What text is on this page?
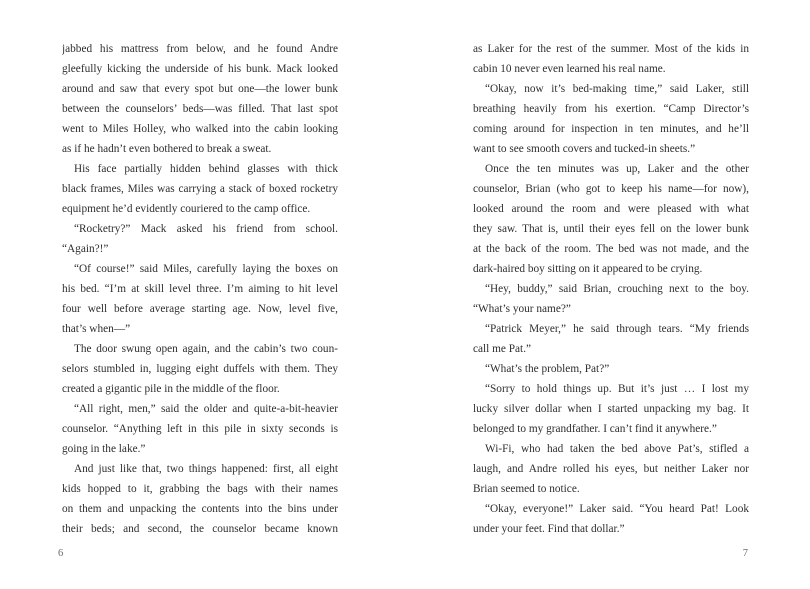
jabbed his mattress from below, and he found Andre
gleefully kicking the underside of his bunk. Mack looked
around and saw that every spot but one—the lower bunk
between the counselors’ beds—was filled. That last spot
went to Miles Holley, who walked into the cabin looking
as if he hadn’t even bothered to break a sweat.
His face partially hidden behind glasses with thick
black frames, Miles was carrying a stack of boxed rocketry
equipment he’d evidently couriered to the camp office.
“Rocketry?” Mack asked his friend from school.
“Again?!”
“Of course!” said Miles, carefully laying the boxes on
his bed. “I’m at skill level three. I’m aiming to hit level
four well before average starting age. Now, level five,
that’s when—”
The door swung open again, and the cabin’s two coun-
selors stumbled in, lugging eight duffels with them. They
created a gigantic pile in the middle of the floor.
“All right, men,” said the older and quite-a-bit-heavier
counselor. “Anything left in this pile in sixty seconds is
going in the lake.”
And just like that, two things happened: first, all eight
kids hopped to it, grabbing the bags with their names
on them and unpacking the contents into the bins under
their beds; and second, the counselor became known
6
as Laker for the rest of the summer. Most of the kids in
cabin 10 never even learned his real name.
“Okay, now it’s bed-making time,” said Laker, still
breathing heavily from his exertion. “Camp Director’s
coming around for inspection in ten minutes, and he’ll
want to see smooth covers and tucked-in sheets.”
Once the ten minutes was up, Laker and the other
counselor, Brian (who got to keep his name—for now),
looked around the room and were pleased with what
they saw. That is, until their eyes fell on the lower bunk
at the back of the room. The bed was not made, and the
dark-haired boy sitting on it appeared to be crying.
“Hey, buddy,” said Brian, crouching next to the boy.
“What’s your name?”
“Patrick Meyer,” he said through tears. “My friends
call me Pat.”
“What’s the problem, Pat?”
“Sorry to hold things up. But it’s just … I lost my
lucky silver dollar when I started unpacking my bag. It
belonged to my grandfather. I can’t find it anywhere.”
Wi-Fi, who had taken the bed above Pat’s, stifled a
laugh, and Andre rolled his eyes, but neither Laker nor
Brian seemed to notice.
“Okay, everyone!” Laker said. “You heard Pat! Look
under your feet. Find that dollar.”
7
